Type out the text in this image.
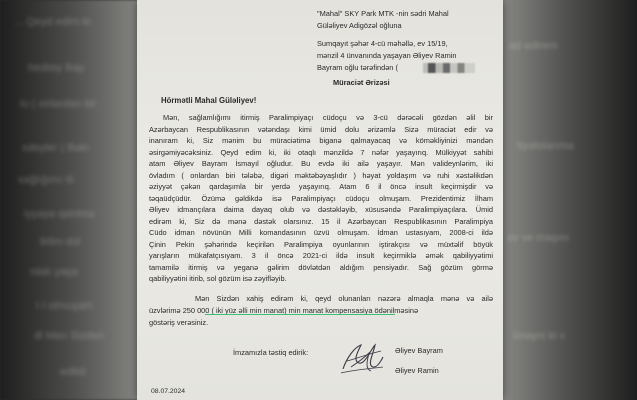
... Qeyd edim ki
hedisiy Bay
lu ( onlardan bir
sdeyler ( Bakı
sağlığımı iti
iyyaya qatılma
lirlim dol
rdalı yaşa
I I olmuşam
dl Men Sizden
edlidi
ad edirem
tiyatolarıma
ev ve maşını
ünayni ki v
"Mahal" SKY Park MTK -nin sədri Mahal
Güləliyev Adigözəl oğluna
Sumqayıt şəhər 4-cü məhəllə, ev 15/19,
mənzil 4 ünvanında yaşayan Əliyev Ramin
Bayram oğlu tərəfindən (
Müraciət Ərizəsi
Hörmətli Mahal Güləliyev!
Mən, sağlamlığımı itirmiş Paralimpiyaçı cüdoçu və 3-cü dərəcəli gözdən əlil bir
Azərbaycan Respublikasının vətəndaşı kimi ümid dolu ərizəmlə Sizə müraciət edir və
inanıram ki, Siz mənim bu müraciətimə biganə qalmayacaq və köməkliyinizi məndən
əsirgəmiyəcəksiniz. Qeyd edim ki, iki otaqlı mənzildə 7 nəfər yaşayırıq. Mülkiyyət sahibi
atam Əliyev Bayram İsmayıl oğludur. Bu evdə iki ailə yaşayır. Mən valideynlərim, iki
övladım ( onlardan biri tələbə, digəri məktəbəyaşlıdır ) həyat yoldaşım və ruhi xəstəlikdən
əziyyət çəkən qardaşımla bir yerdə yaşayırıq. Atam 6 il öncə insult keçirmişdir və
təqaüdçüdür. Özümə gəldikdə isə Paralimpiyaçı cüdoçu olmuşam. Prezidentimiz İlham
Əliyev idmançılara daima dayaq olub və dəstəkləyib, xüsusəndə Paralimpiyaçılara. Ümid
edirəm ki, Siz də mənə dəstək olarsınız. 15 il Azərbaycan Respublikasının Paralimpiya
Cüdo idman növünün Milli komandasının üzvü olmuşam. İdman ustasıyam, 2008-ci ildə
Çinin Pekin şəhərində keçirilən Paralimpiya oyunlarının iştirakçısı və müxtəlif böyük
yarışların mükafatçısıyam. 3 il öncə 2021-ci ildə insult keçirmiklə əmək qabiliyyətimi
tamamilə itirmiş və yeganə gəlirim dövlətdən aldığım pensiyadır. Sağ gözüm görmə
qabiliyyətini itirib, sol gözüm isə zəyifləyib.
Mən Sizdən xahiş edirəm ki, qeyd olunanları nəzərə almaqla mənə və ailə
üzvlərimə 250 000 ( iki yüz əlli min manat) min manat kompensasiya ödənilməsinə
göstəriş verəsiniz.
İmzamızla təstiq edirik:	Əliyev Bayram
Əliyev Ramin
08.07.2024
